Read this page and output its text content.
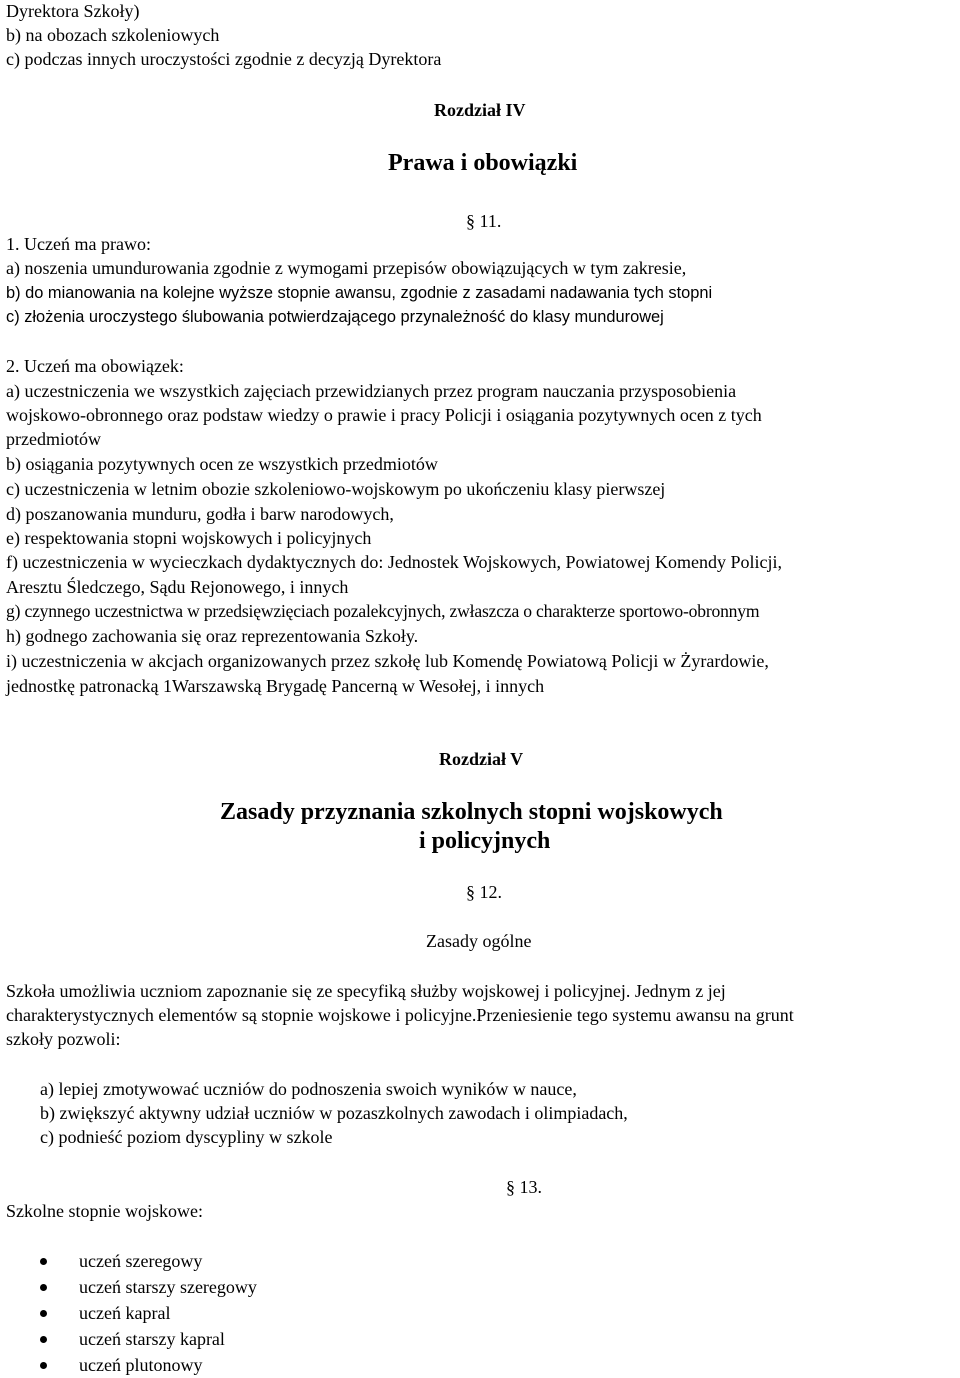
Dyrektora Szkoły)

b) na obozach szkoleniowych

c) podczas innych uroczystości zgodnie z decyzją Dyrektora

Rozdział IV

Prawa i obowiązki

§ 11.

1. Uczeń ma prawo:

a) noszenia umundurowania zgodnie z wymogami przepisów obowiązujących w tym zakresie,

b) do mianowania na kolejne wyższe stopnie awansu, zgodnie z zasadami nadawania tych stopni

c) złożenia uroczystego ślubowania potwierdzającego przynależność do klasy mundurowej

2. Uczeń ma obowiązek:

a) uczestniczenia we wszystkich zajęciach przewidzianych przez program nauczania przysposobienia

wojskowo-obronnego oraz podstaw wiedzy o prawie i pracy Policji i osiągania pozytywnych ocen z tych

przedmiotów

b) osiągania pozytywnych ocen ze wszystkich przedmiotów

c) uczestniczenia w letnim obozie szkoleniowo-wojskowym po ukończeniu klasy pierwszej

d) poszanowania munduru, godła i barw narodowych,

e) respektowania stopni wojskowych i policyjnych

f) uczestniczenia w wycieczkach dydaktycznych do: Jednostek Wojskowych, Powiatowej Komendy Policji,

Aresztu Śledczego, Sądu Rejonowego, i innych

g) czynnego uczestnictwa w przedsięwzięciach pozalekcyjnych, zwłaszcza o charakterze sportowo-obronnym

h) godnego zachowania się oraz reprezentowania Szkoły.

i) uczestniczenia w akcjach organizowanych przez szkołę lub Komendę Powiatową Policji w Żyrardowie,

jednostkę patronacką 1Warszawską Brygadę Pancerną w Wesołej, i innych

Rozdział V

Zasady przyznania szkolnych stopni wojskowych

i policyjnych

§ 12.

Zasady ogólne

Szkoła umożliwia uczniom zapoznanie się ze specyfiką służby wojskowej i policyjnej. Jednym z jej

charakterystycznych elementów są stopnie wojskowe i policyjne.Przeniesienie tego systemu awansu na grunt

szkoły pozwoli:

a) lepiej zmotywować uczniów do podnoszenia swoich wyników w nauce,

b) zwiększyć aktywny udział uczniów w pozaszkolnych zawodach i olimpiadach,

c) podnieść poziom dyscypliny w szkole

§ 13.

Szkolne stopnie wojskowe:

uczeń szeregowy

uczeń starszy szeregowy

uczeń kapral

uczeń starszy kapral

uczeń plutonowy
